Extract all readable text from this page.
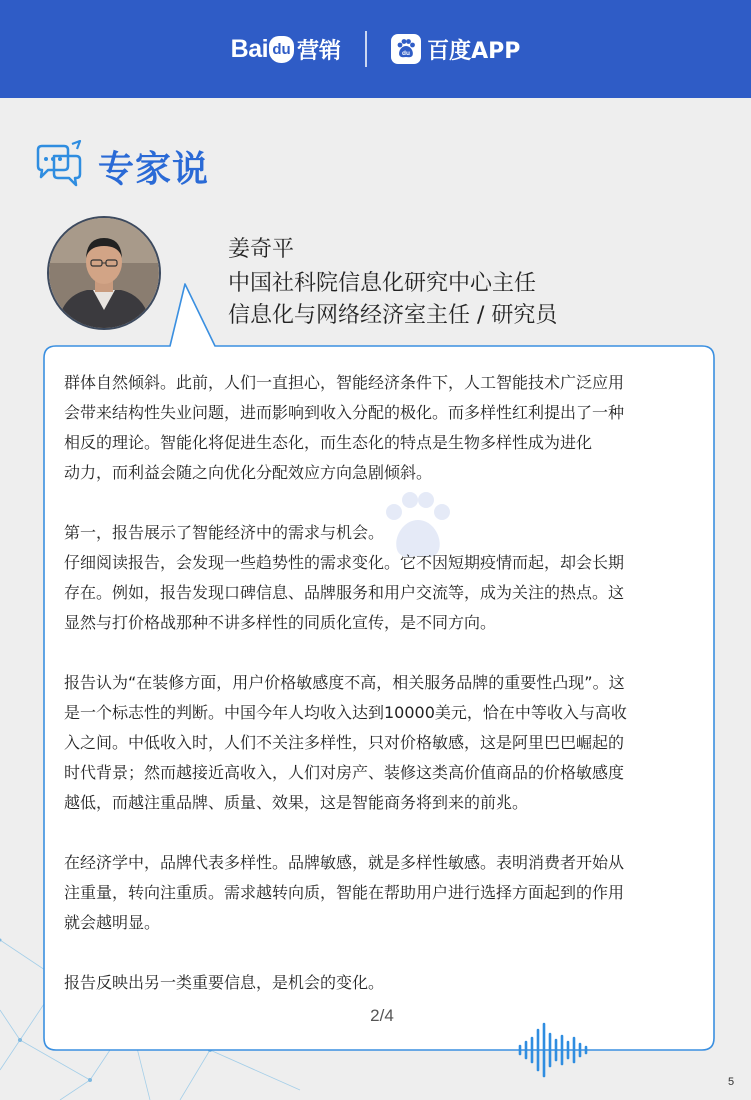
Bai du 营销	du 百度APP
专家说
姜奇平
中国社科院信息化研究中心主任
信息化与网络经济室主任 / 研究员

群体自然倾斜。此前，人们一直担心，智能经济条件下，人工智能技术广泛应用
会带来结构性失业问题，进而影响到收入分配的极化。而多样性红利提出了一种
相反的理论。智能化将促进生态化，而生态化的特点是生物多样性成为进化
动力，而利益会随之向优化分配效应方向急剧倾斜。

第一，报告展示了智能经济中的需求与机会。
仔细阅读报告，会发现一些趋势性的需求变化。它不因短期疫情而起，却会长期
存在。例如，报告发现口碑信息、品牌服务和用户交流等，成为关注的热点。这
显然与打价格战那种不讲多样性的同质化宣传，是不同方向。

报告认为“在装修方面，用户价格敏感度不高，相关服务品牌的重要性凸现”。这
是一个标志性的判断。中国今年人均收入达到10000美元，恰在中等收入与高收
入之间。中低收入时，人们不关注多样性，只对价格敏感，这是阿里巴巴崛起的
时代背景；然而越接近高收入，人们对房产、装修这类高价值商品的价格敏感度
越低，而越注重品牌、质量、效果，这是智能商务将到来的前兆。

在经济学中，品牌代表多样性。品牌敏感，就是多样性敏感。表明消费者开始从
注重量，转向注重质。需求越转向质，智能在帮助用户进行选择方面起到的作用
就会越明显。

报告反映出另一类重要信息，是机会的变化。

2/4
5
